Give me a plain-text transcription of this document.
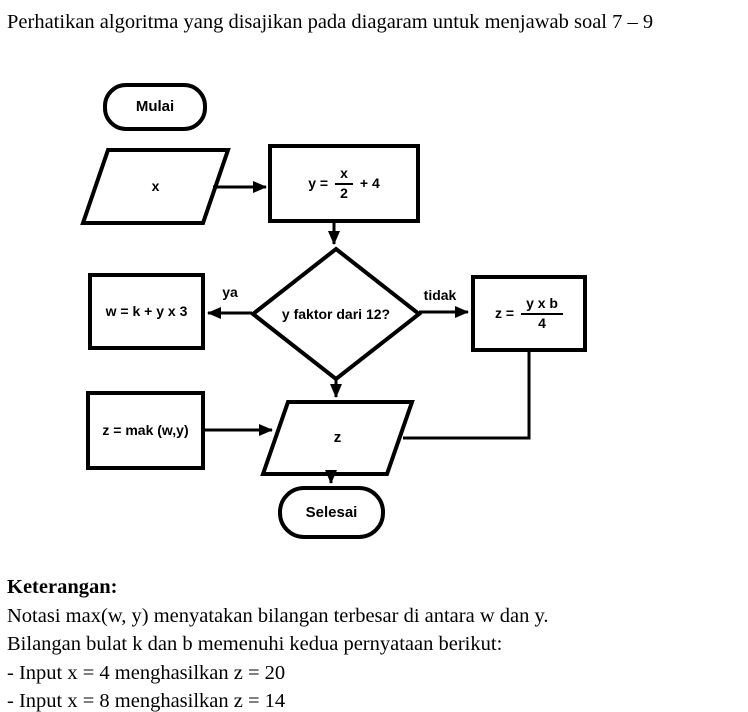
Perhatikan algoritma yang disajikan pada diagaram untuk menjawab soal 7 – 9
Mulai
x	$y = \frac{x}{2} + 4$
y faktor dari 12?
ya	tidak
w = k + y x 3	$z = \frac{\text{y x b}}{4}$
z = mak (w,y)	z
Selesai
Keterangan:
Notasi max(w, y) menyatakan bilangan terbesar di antara w dan y.
Bilangan bulat k dan b memenuhi kedua pernyataan berikut:
- Input x = 4 menghasilkan z = 20
- Input x = 8 menghasilkan z = 14
